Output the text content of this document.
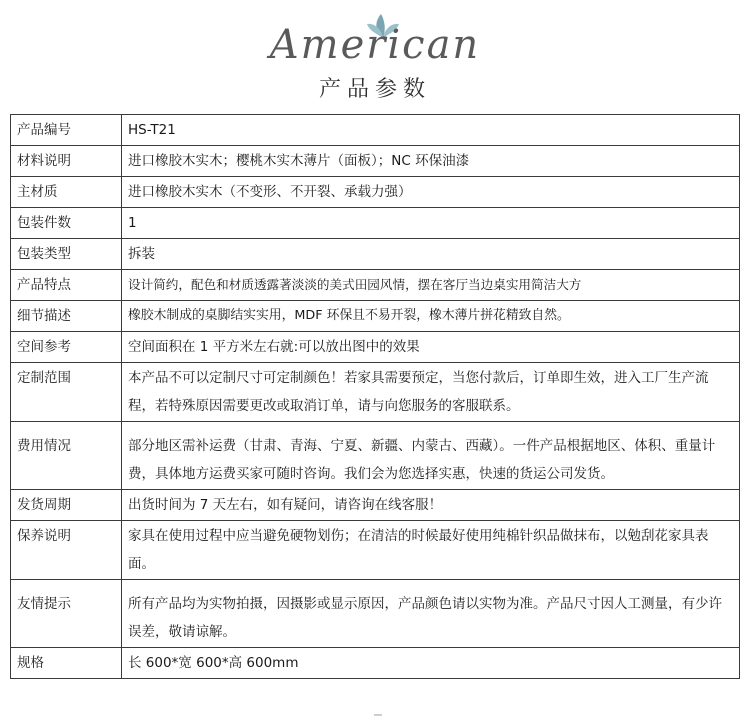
American
产品参数
产品编号	HS-T21
材料说明	进口橡胶木实木；樱桃木实木薄片（面板）；NC 环保油漆
主材质	进口橡胶木实木（不变形、不开裂、承载力强）
包装件数	1
包装类型	拆装
产品特点	设计简约，配色和材质透露著淡淡的美式田园风情，摆在客厅当边桌实用简洁大方
细节描述	橡胶木制成的桌脚结实实用，MDF 环保且不易开裂，橡木薄片拼花精致自然。
空间参考	空间面积在 1 平方米左右就:可以放出图中的效果
定制范围	本产品不可以定制尺寸可定制颜色！若家具需要预定，当您付款后，订单即生效，进入工厂生产流程，若特殊原因需要更改或取消订单，请与向您服务的客服联系。
费用情况	部分地区需补运费（甘肃、青海、宁夏、新疆、内蒙古、西藏）。一件产品根据地区、体积、重量计费，具体地方运费买家可随时咨询。我们会为您选择实惠，快速的货运公司发货。
发货周期	出货时间为 7 天左右，如有疑问，请咨询在线客服！
保养说明	家具在使用过程中应当避免硬物划伤；在清洁的时候最好使用纯棉针织品做抹布，以勉刮花家具表面。
友情提示	所有产品均为实物拍摄，因摄影或显示原因，产品颜色请以实物为准。产品尺寸因人工测量，有少许误差，敬请谅解。
规格	长 600*宽 600*高 600mm
